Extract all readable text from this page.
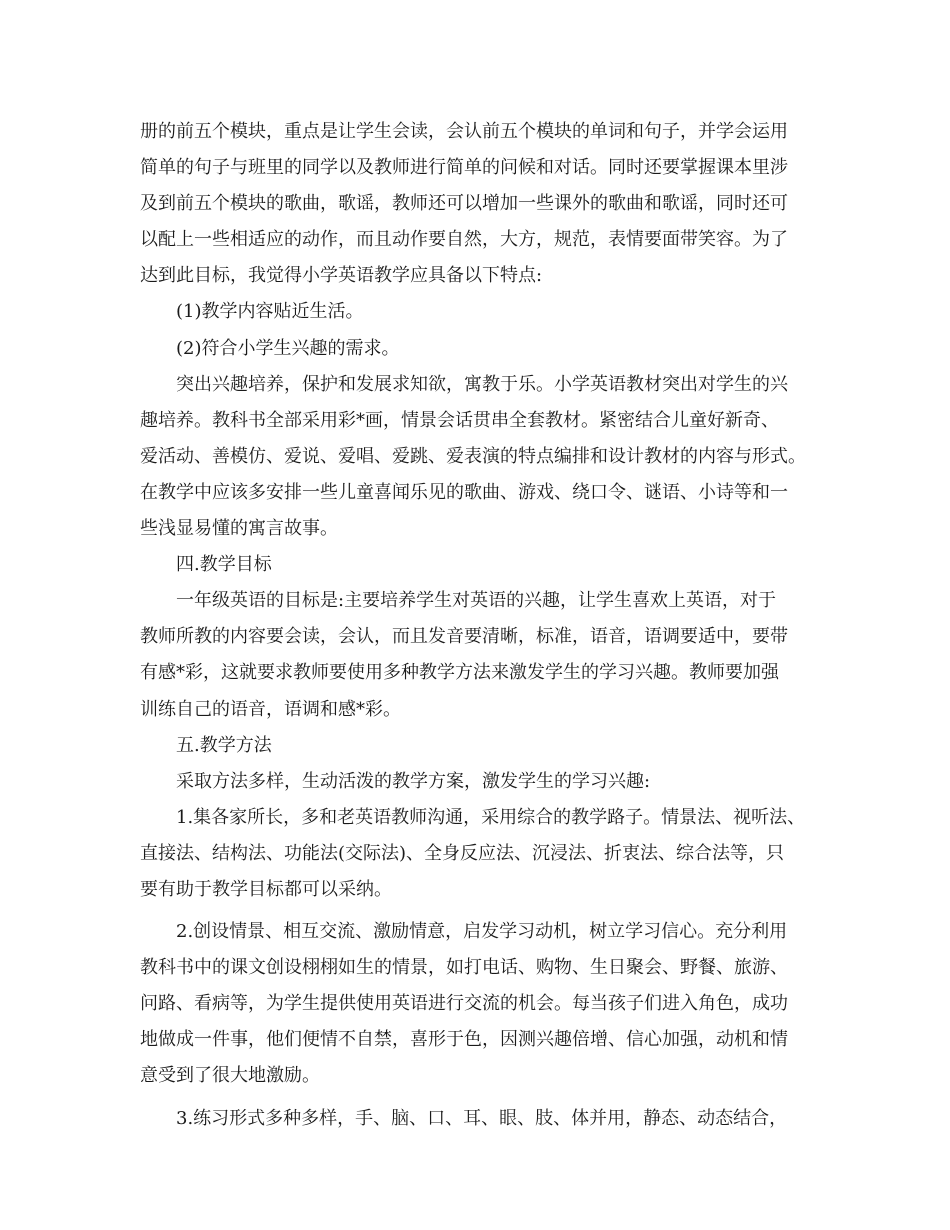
册的前五个模块，重点是让学生会读，会认前五个模块的单词和句子，并学会运用
简单的句子与班里的同学以及教师进行简单的问候和对话。同时还要掌握课本里涉
及到前五个模块的歌曲，歌谣，教师还可以增加一些课外的歌曲和歌谣，同时还可
以配上一些相适应的动作，而且动作要自然，大方，规范，表情要面带笑容。为了
达到此目标，我觉得小学英语教学应具备以下特点:
(1)教学内容贴近生活。
(2)符合小学生兴趣的需求。
突出兴趣培养，保护和发展求知欲，寓教于乐。小学英语教材突出对学生的兴
趣培养。教科书全部采用彩*画，情景会话贯串全套教材。紧密结合儿童好新奇、
爱活动、善模仿、爱说、爱唱、爱跳、爱表演的特点编排和设计教材的内容与形式。
在教学中应该多安排一些儿童喜闻乐见的歌曲、游戏、绕口令、谜语、小诗等和一
些浅显易懂的寓言故事。
四.教学目标
一年级英语的目标是:主要培养学生对英语的兴趣，让学生喜欢上英语，对于
教师所教的内容要会读，会认，而且发音要清晰，标准，语音，语调要适中，要带
有感*彩，这就要求教师要使用多种教学方法来激发学生的学习兴趣。教师要加强
训练自己的语音，语调和感*彩。
五.教学方法
采取方法多样，生动活泼的教学方案，激发学生的学习兴趣:
1.集各家所长，多和老英语教师沟通，采用综合的教学路子。情景法、视听法、
直接法、结构法、功能法(交际法)、全身反应法、沉浸法、折衷法、综合法等，只
要有助于教学目标都可以采纳。
2.创设情景、相互交流、激励情意，启发学习动机，树立学习信心。充分利用
教科书中的课文创设栩栩如生的情景，如打电话、购物、生日聚会、野餐、旅游、
问路、看病等，为学生提供使用英语进行交流的机会。每当孩子们进入角色，成功
地做成一件事，他们便情不自禁，喜形于色，因测兴趣倍增、信心加强，动机和情
意受到了很大地激励。
3.练习形式多种多样，手、脑、口、耳、眼、肢、体并用，静态、动态结合，
